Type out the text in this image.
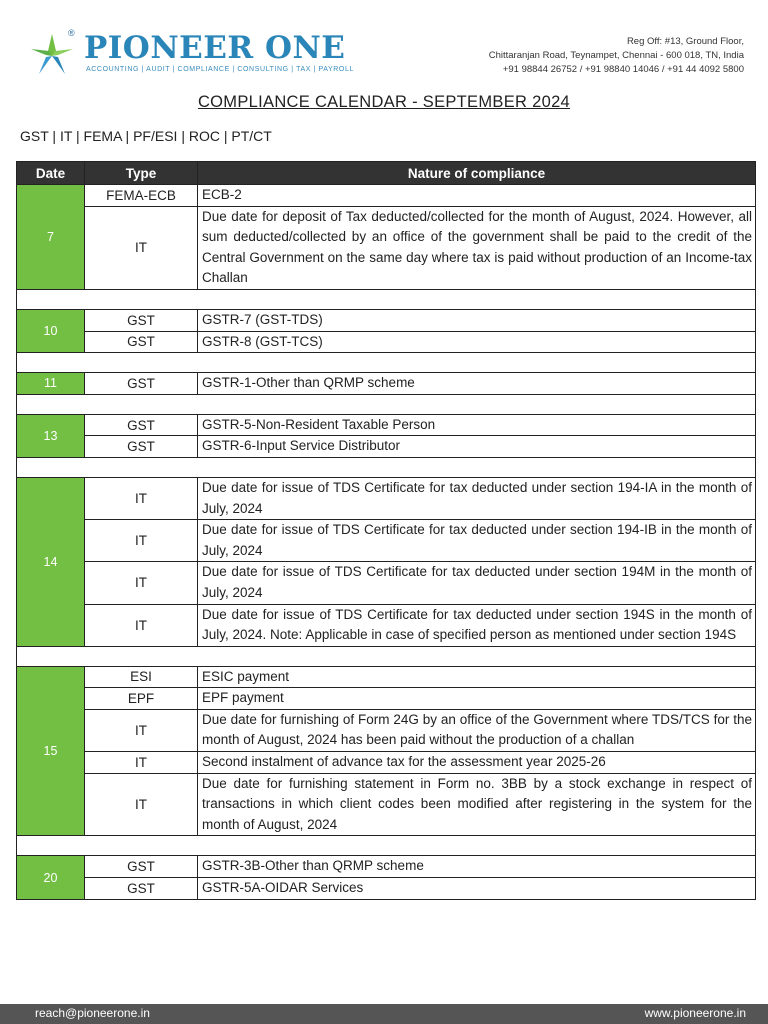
® PIONEER ONE
ACCOUNTING | AUDIT | COMPLIANCE | CONSULTING | TAX | PAYROLL
Reg Off: #13, Ground Floor,
Chittaranjan Road, Teynampet, Chennai - 600 018, TN, India
+91 98844 26752 / +91 98840 14046 / +91 44 4092 5800
COMPLIANCE CALENDAR - SEPTEMBER 2024
GST | IT | FEMA | PF/ESI | ROC | PT/CT
Date	Type	Nature of compliance
7	FEMA-ECB	ECB-2
	IT	Due date for deposit of Tax deducted/collected for the month of August, 2024. However, all sum deducted/collected by an office of the government shall be paid to the credit of the Central Government on the same day where tax is paid without production of an Income-tax Challan

10	GST	GSTR-7 (GST-TDS)
	GST	GSTR-8 (GST-TCS)

11	GST	GSTR-1-Other than QRMP scheme

13	GST	GSTR-5-Non-Resident Taxable Person
	GST	GSTR-6-Input Service Distributor

14	IT	Due date for issue of TDS Certificate for tax deducted under section 194-IA in the month of July, 2024
	IT	Due date for issue of TDS Certificate for tax deducted under section 194-IB in the month of July, 2024
	IT	Due date for issue of TDS Certificate for tax deducted under section 194M in the month of July, 2024
	IT	Due date for issue of TDS Certificate for tax deducted under section 194S in the month of July, 2024. Note: Applicable in case of specified person as mentioned under section 194S

15	ESI	ESIC payment
	EPF	EPF payment
	IT	Due date for furnishing of Form 24G by an office of the Government where TDS/TCS for the month of August, 2024 has been paid without the production of a challan
	IT	Second instalment of advance tax for the assessment year 2025-26
	IT	Due date for furnishing statement in Form no. 3BB by a stock exchange in respect of transactions in which client codes been modified after registering in the system for the month of August, 2024

20	GST	GSTR-3B-Other than QRMP scheme
	GST	GSTR-5A-OIDAR Services
reach@pioneerone.in	www.pioneerone.in
